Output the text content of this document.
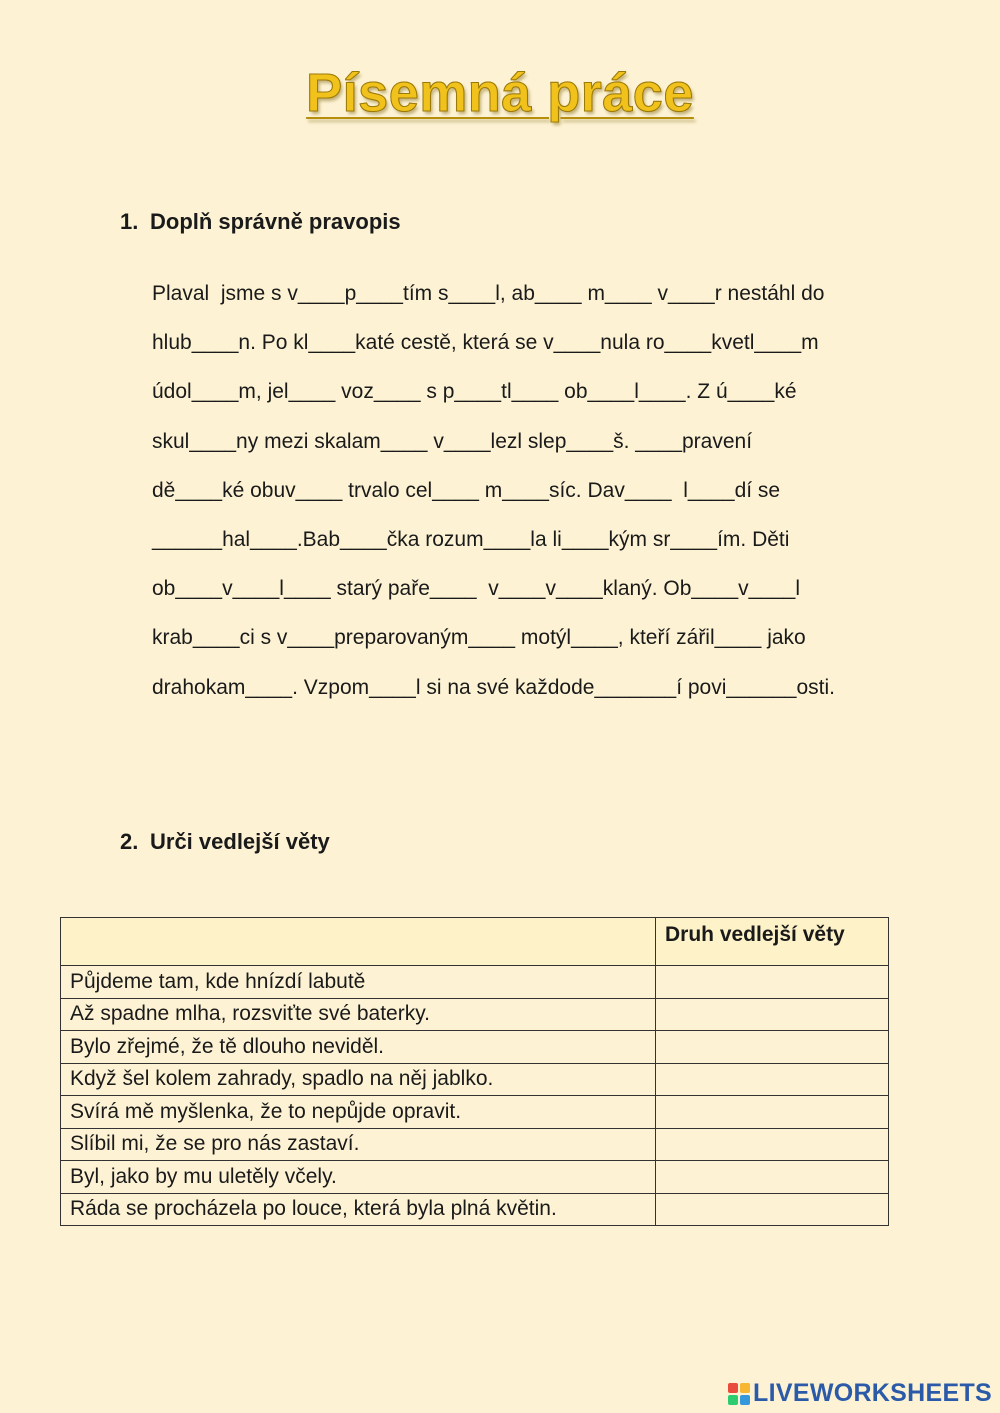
Písemná práce
1. Doplň správně pravopis
Plaval  jsme s v____p____tím s____l, ab____ m____ v____r nestáhl do
hlub____n. Po kl____katé cestě, která se v____nula ro____kvetl____m
údol____m, jel____ voz____ s p____tl____ ob____l____. Z ú____ké
skul____ny mezi skalam____ v____lezl slep____š. ____pravení
dě____ké obuv____ trvalo cel____ m____síc. Dav____  l____dí se
______hal____.Bab____čka rozum____la li____kým sr____ím. Děti
ob____v____l____ starý paře____  v____v____klaný. Ob____v____l
krab____ci s v____preparovaným____ motýl____, kteří zářil____ jako
drahokam____. Vzpom____l si na své každode_______í povi______osti.
2. Urči vedlejší věty
	Druh vedlejší věty
Půjdeme tam, kde hnízdí labutě	
Až spadne mlha, rozsviťte své baterky.	
Bylo zřejmé, že tě dlouho neviděl.	
Když šel kolem zahrady, spadlo na něj jablko.	
Svírá mě myšlenka, že to nepůjde opravit.	
Slíbil mi, že se pro nás zastaví.	
Byl, jako by mu uletěly včely.	
Ráda se procházela po louce, která byla plná květin.	
LIVEWORKSHEETS
